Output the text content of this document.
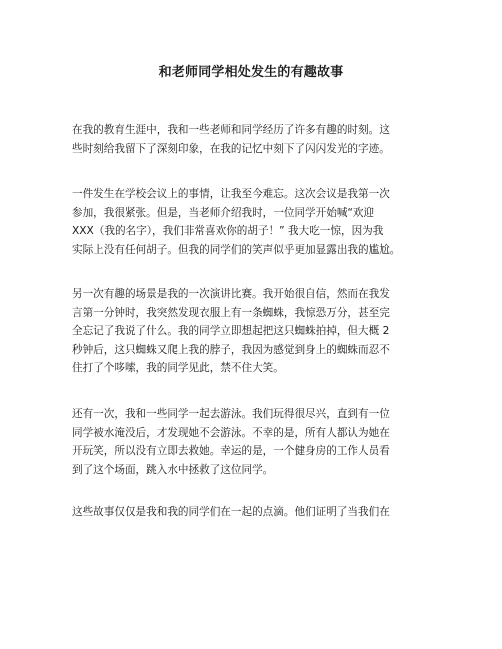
和老师同学相处发生的有趣故事
在我的教育生涯中，我和一些老师和同学经历了许多有趣的时刻。这
些时刻给我留下了深刻印象，在我的记忆中刻下了闪闪发光的字迹。
一件发生在学校会议上的事情，让我至今难忘。这次会议是我第一次
参加，我很紧张。但是，当老师介绍我时，一位同学开始喊“欢迎
XXX（我的名字），我们非常喜欢你的胡子！” 我大吃一惊，因为我
实际上没有任何胡子。但我的同学们的笑声似乎更加显露出我的尴尬。
另一次有趣的场景是我的一次演讲比赛。我开始很自信，然而在我发
言第一分钟时，我突然发现衣服上有一条蜘蛛，我惊恐万分，甚至完
全忘记了我说了什么。我的同学立即想起把这只蜘蛛拍掉，但大概 2
秒钟后，这只蜘蛛又爬上我的脖子，我因为感觉到身上的蜘蛛而忍不
住打了个哆嗦，我的同学见此，禁不住大笑。
还有一次，我和一些同学一起去游泳。我们玩得很尽兴，直到有一位
同学被水淹没后，才发现她不会游泳。不幸的是，所有人都认为她在
开玩笑，所以没有立即去救她。幸运的是，一个健身房的工作人员看
到了这个场面，跳入水中拯救了这位同学。
这些故事仅仅是我和我的同学们在一起的点滴。他们证明了当我们在
